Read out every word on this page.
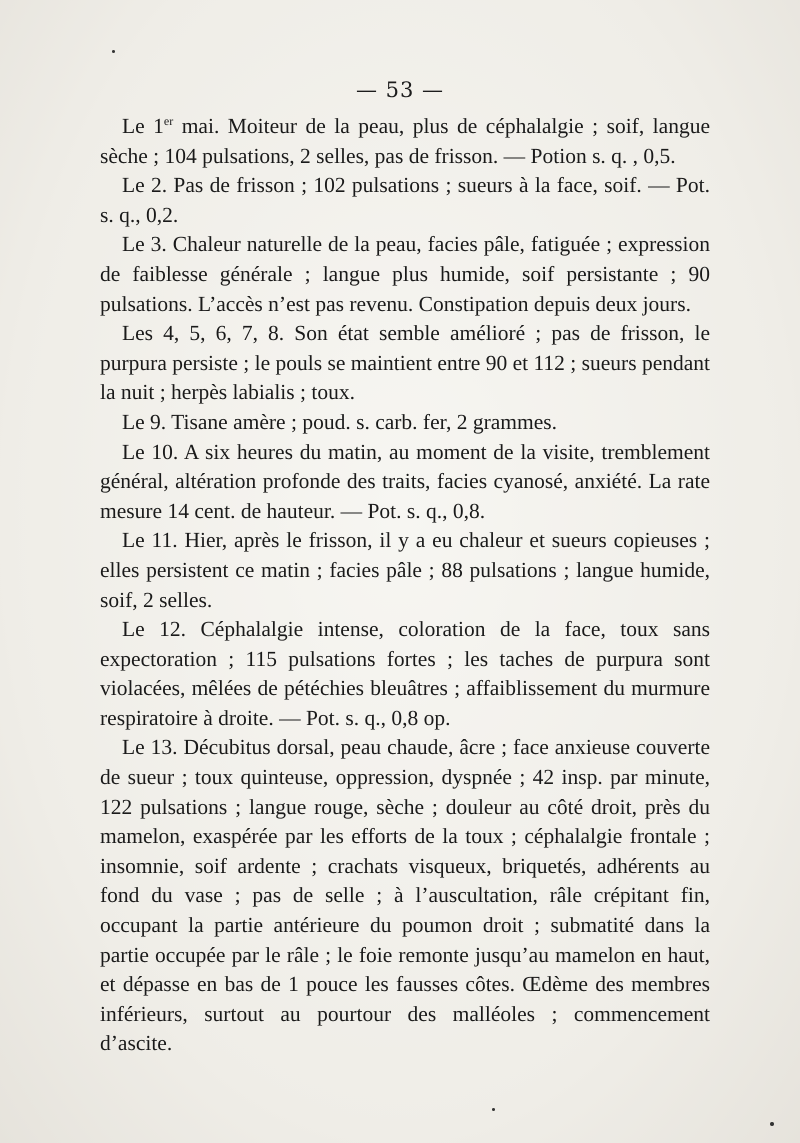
— 53 —

Le 1er mai. Moiteur de la peau, plus de céphalalgie ; soif, langue sèche ; 104 pulsations, 2 selles, pas de frisson. — Potion s. q. , 0,5.

Le 2. Pas de frisson ; 102 pulsations ; sueurs à la face, soif. — Pot. s. q., 0,2.

Le 3. Chaleur naturelle de la peau, facies pâle, fatiguée ; expression de faiblesse générale ; langue plus humide, soif persistante ; 90 pulsations. L’accès n’est pas revenu. Constipation depuis deux jours.

Les 4, 5, 6, 7, 8. Son état semble amélioré ; pas de frisson, le purpura persiste ; le pouls se maintient entre 90 et 112 ; sueurs pendant la nuit ; herpès labialis ; toux.

Le 9. Tisane amère ; poud. s. carb. fer, 2 grammes.

Le 10. A six heures du matin, au moment de la visite, tremblement général, altération profonde des traits, facies cyanosé, anxiété. La rate mesure 14 cent. de hauteur. — Pot. s. q., 0,8.

Le 11. Hier, après le frisson, il y a eu chaleur et sueurs copieuses ; elles persistent ce matin ; facies pâle ; 88 pulsations ; langue humide, soif, 2 selles.

Le 12. Céphalalgie intense, coloration de la face, toux sans expectoration ; 115 pulsations fortes ; les taches de purpura sont violacées, mêlées de pétéchies bleuâtres ; affaiblissement du murmure respiratoire à droite. — Pot. s. q., 0,8 op.

Le 13. Décubitus dorsal, peau chaude, âcre ; face anxieuse couverte de sueur ; toux quinteuse, oppression, dyspnée ; 42 insp. par minute, 122 pulsations ; langue rouge, sèche ; douleur au côté droit, près du mamelon, exaspérée par les efforts de la toux ; céphalalgie frontale ; insomnie, soif ardente ; crachats visqueux, briquetés, adhérents au fond du vase ; pas de selle ; à l’auscultation, râle crépitant fin, occupant la partie antérieure du poumon droit ; submatité dans la partie occupée par le râle ; le foie remonte jusqu’au mamelon en haut, et dépasse en bas de 1 pouce les fausses côtes. Œdème des membres inférieurs, surtout au pourtour des malléoles ; commencement d’ascite.
